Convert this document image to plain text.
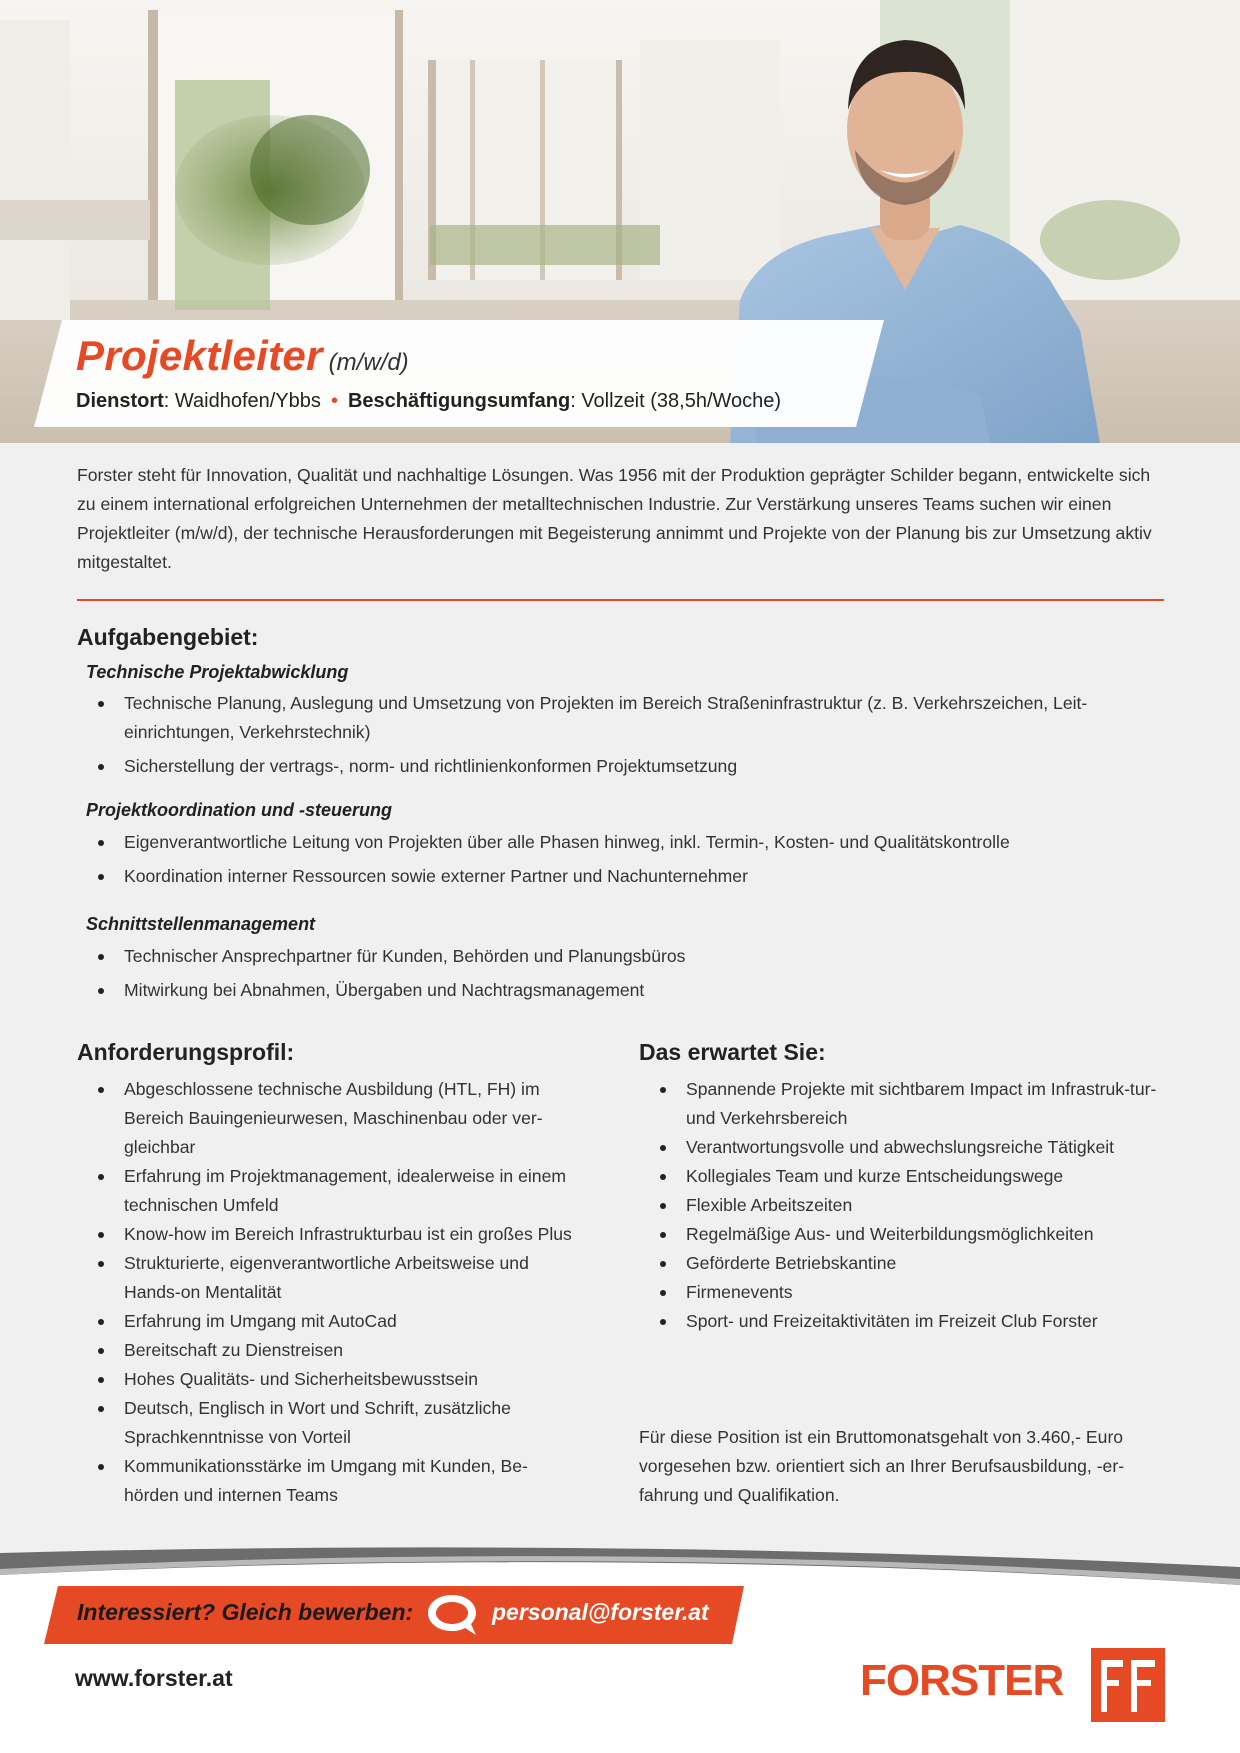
Projektleiter (m/w/d)
Dienstort: Waidhofen/Ybbs • Beschäftigungsumfang: Vollzeit (38,5h/Woche)

Forster steht für Innovation, Qualität und nachhaltige Lösungen. Was 1956 mit der Produktion geprägter Schilder begann, entwickelte sich zu einem international erfolgreichen Unternehmen der metalltechnischen Industrie. Zur Verstärkung unseres Teams suchen wir einen Projektleiter (m/w/d), der technische Herausforderungen mit Begeisterung annimmt und Projekte von der Planung bis zur Umsetzung aktiv mitgestaltet.

Aufgabengebiet:
Technische Projektabwicklung
Technische Planung, Auslegung und Umsetzung von Projekten im Bereich Straßeninfrastruktur (z. B. Verkehrszeichen, Leit-einrichtungen, Verkehrstechnik)
Sicherstellung der vertrags-, norm- und richtlinienkonformen Projektumsetzung
Projektkoordination und -steuerung
Eigenverantwortliche Leitung von Projekten über alle Phasen hinweg, inkl. Termin-, Kosten- und Qualitätskontrolle
Koordination interner Ressourcen sowie externer Partner und Nachunternehmer
Schnittstellenmanagement
Technischer Ansprechpartner für Kunden, Behörden und Planungsbüros
Mitwirkung bei Abnahmen, Übergaben und Nachtragsmanagement
Anforderungsprofil:
Abgeschlossene technische Ausbildung (HTL, FH) im Bereich Bauingenieurwesen, Maschinenbau oder ver-gleichbar
Erfahrung im Projektmanagement, idealerweise in einem technischen Umfeld
Know-how im Bereich Infrastrukturbau ist ein großes Plus
Strukturierte, eigenverantwortliche Arbeitsweise und Hands-on Mentalität
Erfahrung im Umgang mit AutoCad
Bereitschaft zu Dienstreisen
Hohes Qualitäts- und Sicherheitsbewusstsein
Deutsch, Englisch in Wort und Schrift, zusätzliche Sprachkenntnisse von Vorteil
Kommunikationsstärke im Umgang mit Kunden, Be-hörden und internen Teams
Das erwartet Sie:
Spannende Projekte mit sichtbarem Impact im Infrastruk-tur- und Verkehrsbereich
Verantwortungsvolle und abwechslungsreiche Tätigkeit
Kollegiales Team und kurze Entscheidungswege
Flexible Arbeitszeiten
Regelmäßige Aus- und Weiterbildungsmöglichkeiten
Geförderte Betriebskantine
Firmenevents
Sport- und Freizeitaktivitäten im Freizeit Club Forster

Für diese Position ist ein Bruttomonatsgehalt von 3.460,- Euro vorgesehen bzw. orientiert sich an Ihrer Berufsausbildung, -er-fahrung und Qualifikation.

Interessiert? Gleich bewerben:	personal@forster.at
www.forster.at	FORSTER
